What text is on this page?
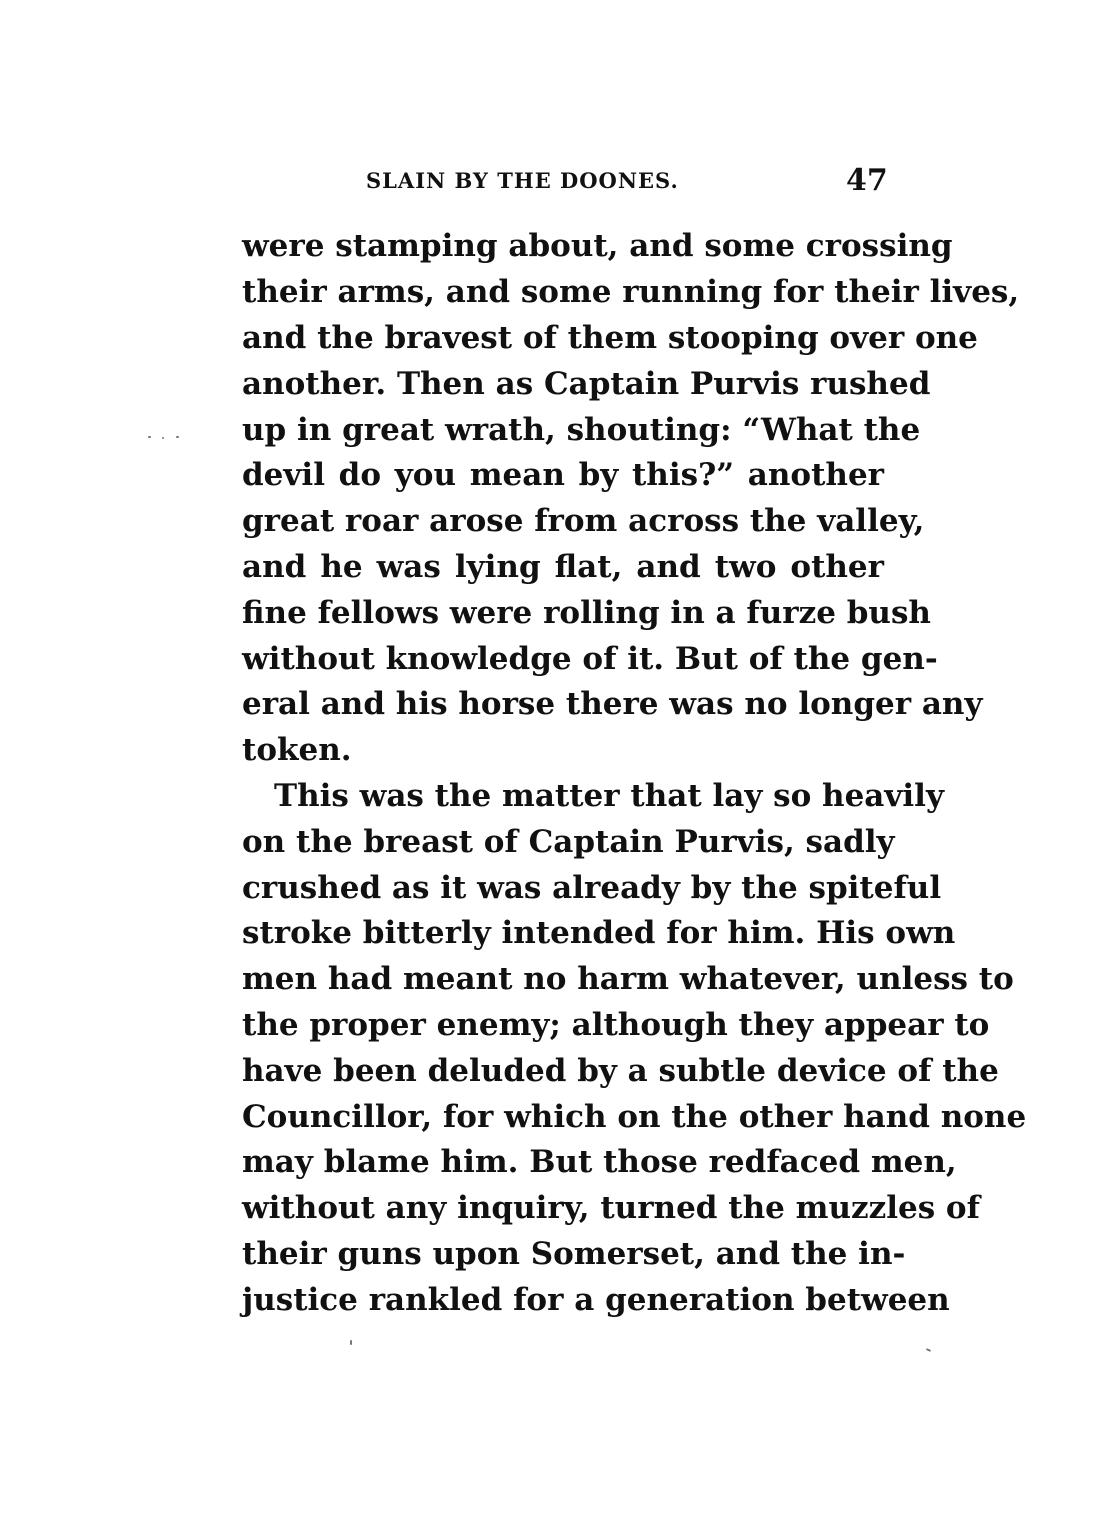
SLAIN BY THE DOONES.	47
were stamping about, and some crossing
their arms, and some running for their lives,
and the bravest of them stooping over one
another. Then as Captain Purvis rushed
up in great wrath, shouting: “What the
devil do you mean by this?” another
great roar arose from across the valley,
and he was lying flat, and two other
fine fellows were rolling in a furze bush
without knowledge of it. But of the gen-
eral and his horse there was no longer any
token.
This was the matter that lay so heavily
on the breast of Captain Purvis, sadly
crushed as it was already by the spiteful
stroke bitterly intended for him. His own
men had meant no harm whatever, unless to
the proper enemy; although they appear to
have been deluded by a subtle device of the
Councillor, for which on the other hand none
may blame him. But those redfaced men,
without any inquiry, turned the muzzles of
their guns upon Somerset, and the in-
justice rankled for a generation between
